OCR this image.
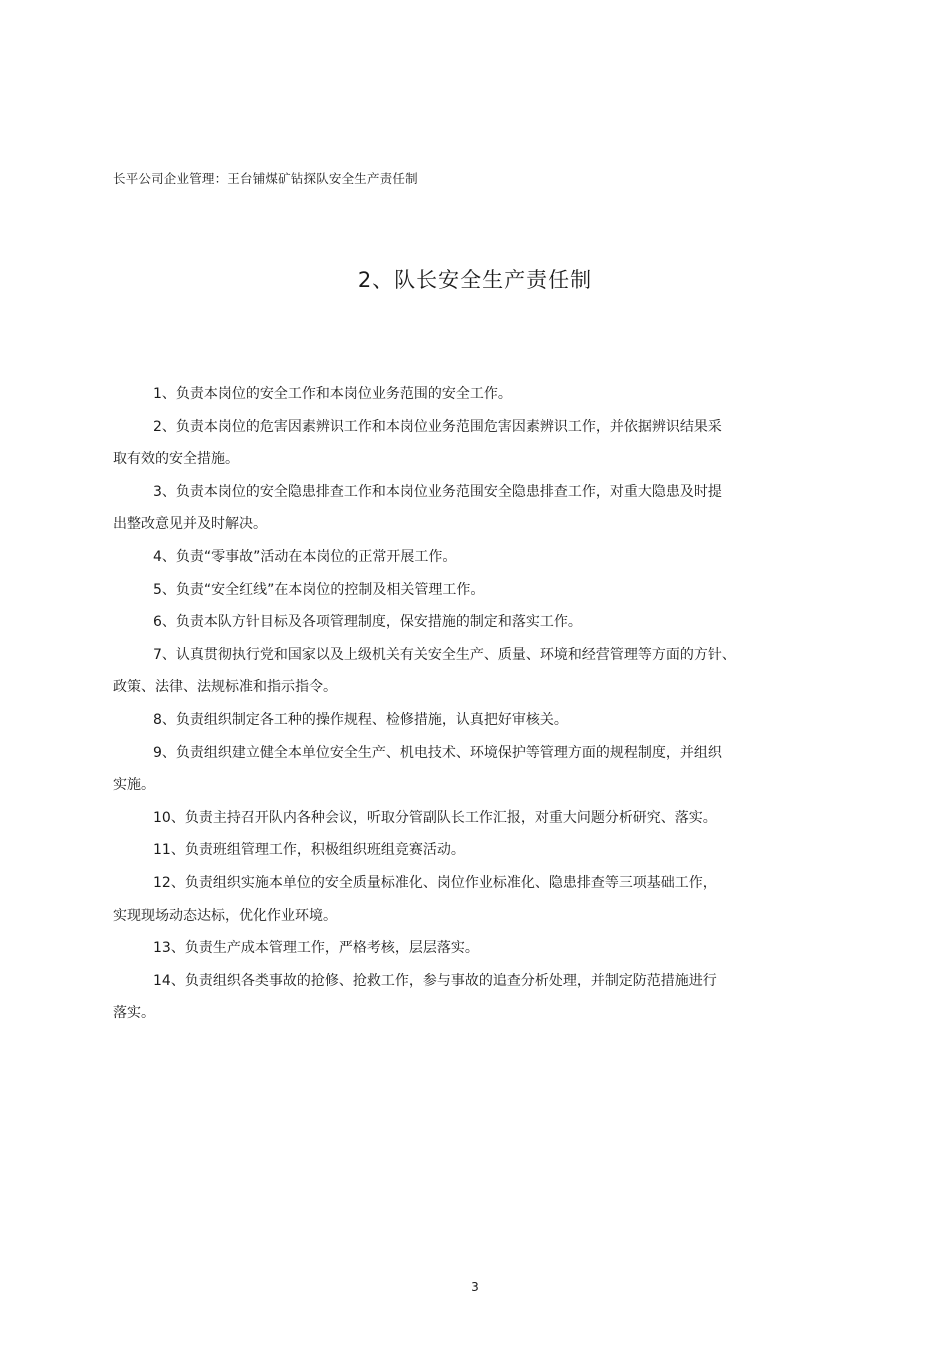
长平公司企业管理：王台铺煤矿钻探队安全生产责任制
2、队长安全生产责任制
1、负责本岗位的安全工作和本岗位业务范围的安全工作。
2、负责本岗位的危害因素辨识工作和本岗位业务范围危害因素辨识工作，并依据辨识结果采
取有效的安全措施。
3、负责本岗位的安全隐患排查工作和本岗位业务范围安全隐患排查工作，对重大隐患及时提
出整改意见并及时解决。
4、负责“零事故”活动在本岗位的正常开展工作。
5、负责“安全红线”在本岗位的控制及相关管理工作。
6、负责本队方针目标及各项管理制度，保安措施的制定和落实工作。
7、认真贯彻执行党和国家以及上级机关有关安全生产、质量、环境和经营管理等方面的方针、
政策、法律、法规标准和指示指令。
8、负责组织制定各工种的操作规程、检修措施，认真把好审核关。
9、负责组织建立健全本单位安全生产、机电技术、环境保护等管理方面的规程制度，并组织
实施。
10、负责主持召开队内各种会议，听取分管副队长工作汇报，对重大问题分析研究、落实。
11、负责班组管理工作，积极组织班组竞赛活动。
12、负责组织实施本单位的安全质量标准化、岗位作业标准化、隐患排查等三项基础工作，
实现现场动态达标，优化作业环境。
13、负责生产成本管理工作，严格考核，层层落实。
14、负责组织各类事故的抢修、抢救工作，参与事故的追查分析处理，并制定防范措施进行
落实。
3
